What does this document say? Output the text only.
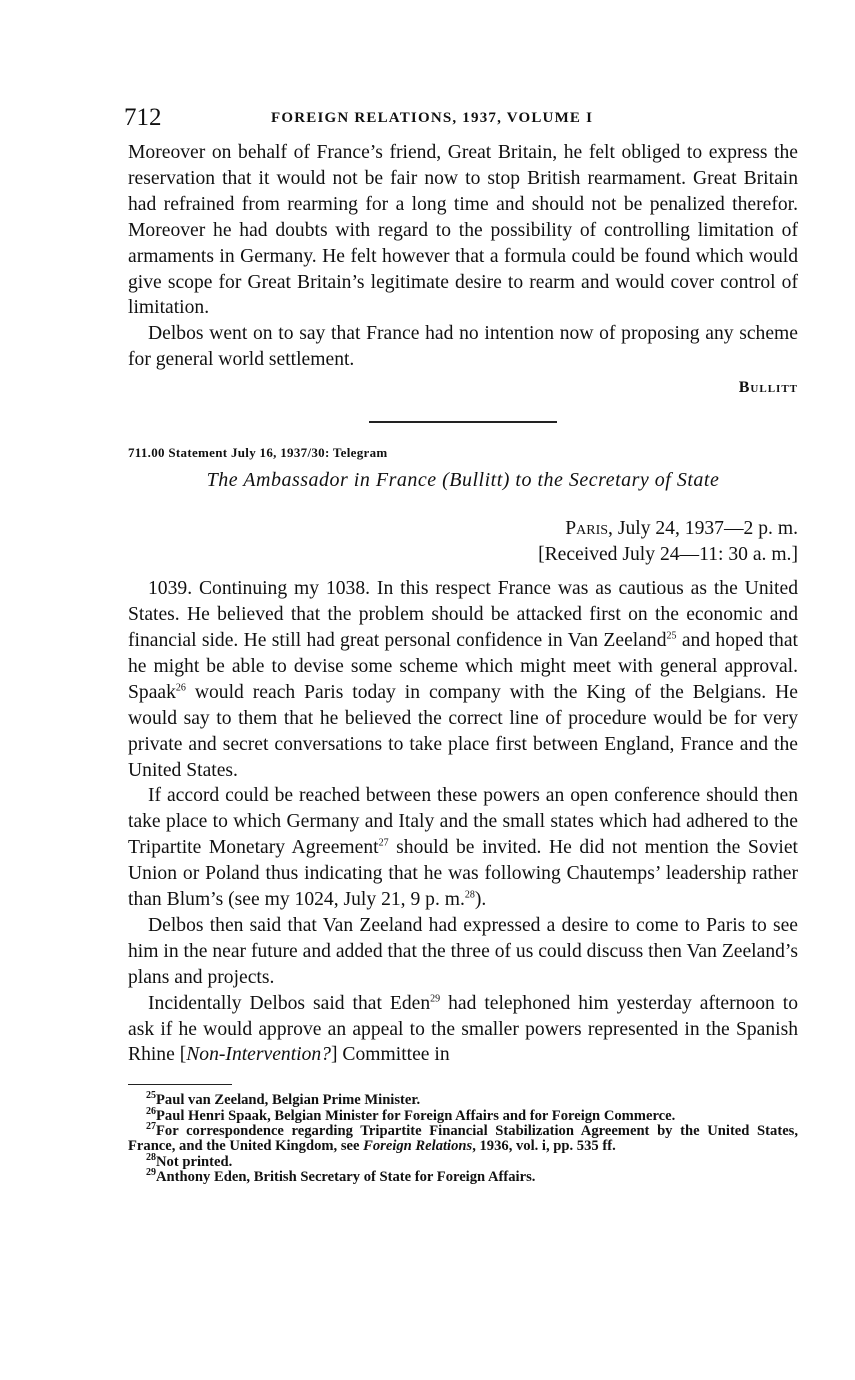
712	FOREIGN RELATIONS, 1937, VOLUME I

Moreover on behalf of France’s friend, Great Britain, he felt obliged to express the reservation that it would not be fair now to stop British rearmament. Great Britain had refrained from rearming for a long time and should not be penalized therefor. Moreover he had doubts with regard to the possibility of controlling limitation of armaments in Germany. He felt however that a formula could be found which would give scope for Great Britain’s legitimate desire to rearm and would cover control of limitation.

Delbos went on to say that France had no intention now of proposing any scheme for general world settlement.

Bullitt
711.00 Statement July 16, 1937/30: Telegram
The Ambassador in France (Bullitt) to the Secretary of State
Paris, July 24, 1937—2 p. m.
[Received July 24—11: 30 a. m.]

1039. Continuing my 1038. In this respect France was as cautious as the United States. He believed that the problem should be attacked first on the economic and financial side. He still had great personal confidence in Van Zeeland$^{25}$ and hoped that he might be able to devise some scheme which might meet with general approval. Spaak$^{26}$ would reach Paris today in company with the King of the Belgians. He would say to them that he believed the correct line of procedure would be for very private and secret conversations to take place first between England, France and the United States.

If accord could be reached between these powers an open conference should then take place to which Germany and Italy and the small states which had adhered to the Tripartite Monetary Agreement$^{27}$ should be invited. He did not mention the Soviet Union or Poland thus indicating that he was following Chautemps’ leadership rather than Blum’s (see my 1024, July 21, 9 p. m.$^{28}$).

Delbos then said that Van Zeeland had expressed a desire to come to Paris to see him in the near future and added that the three of us could discuss then Van Zeeland’s plans and projects.

Incidentally Delbos said that Eden$^{29}$ had telephoned him yesterday afternoon to ask if he would approve an appeal to the smaller powers represented in the Spanish Rhine [Non-Intervention?] Committee in

$^{25}$Paul van Zeeland, Belgian Prime Minister.

$^{26}$Paul Henri Spaak, Belgian Minister for Foreign Affairs and for Foreign Commerce.

$^{27}$For correspondence regarding Tripartite Financial Stabilization Agreement by the United States, France, and the United Kingdom, see Foreign Relations, 1936, vol. i, pp. 535 ff.

$^{28}$Not printed.

$^{29}$Anthony Eden, British Secretary of State for Foreign Affairs.
